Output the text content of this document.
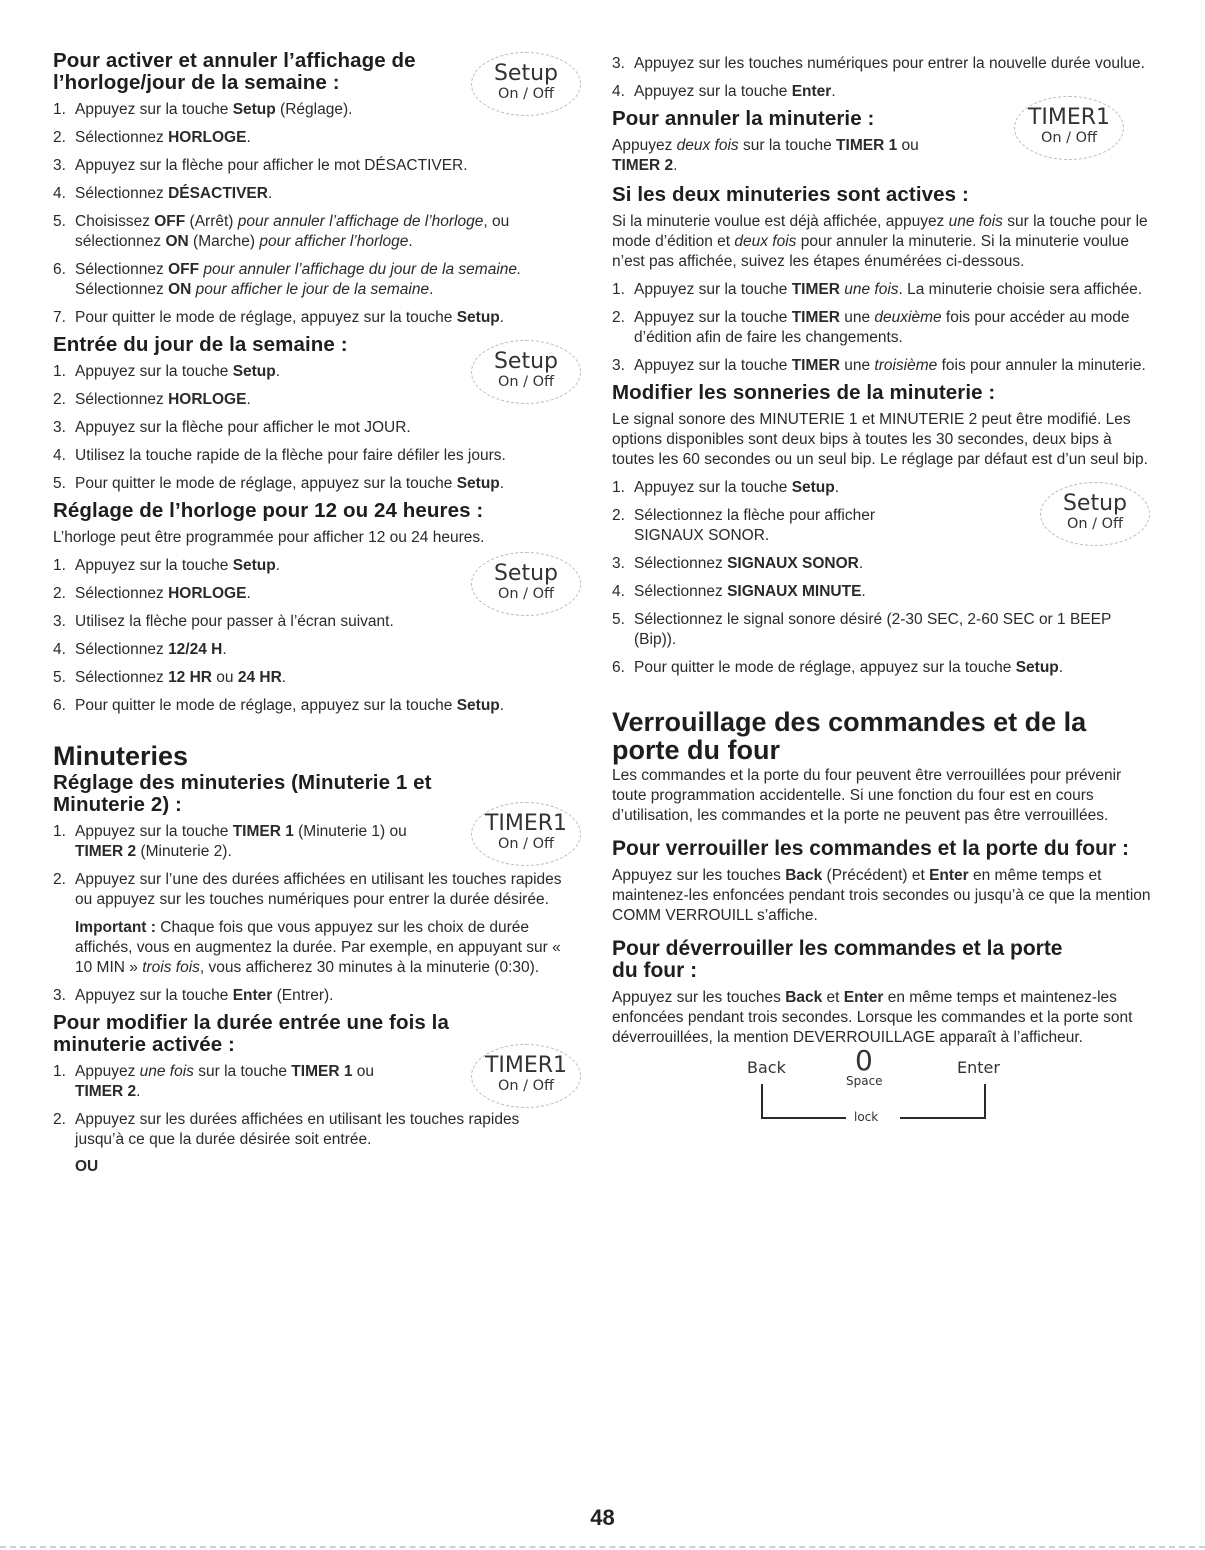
Pour activer et annuler l’affichage de
l’horloge/jour de la semaine :	Setup
On / Off
1. Appuyez sur la touche Setup (Réglage).
2. Sélectionnez HORLOGE.
3. Appuyez sur la flèche pour afficher le mot DÉSACTIVER.
4. Sélectionnez DÉSACTIVER.
5. Choisissez OFF (Arrêt) pour annuler l’affichage de l’horloge, ou sélectionnez ON (Marche) pour afficher l’horloge.
6. Sélectionnez OFF pour annuler l’affichage du jour de la semaine. Sélectionnez ON pour afficher le jour de la semaine.
7. Pour quitter le mode de réglage, appuyez sur la touche Setup.
Entrée du jour de la semaine :
Setup
On / Off
1. Appuyez sur la touche Setup.
2. Sélectionnez HORLOGE.
3. Appuyez sur la flèche pour afficher le mot JOUR.
4. Utilisez la touche rapide de la flèche pour faire défiler les jours.
5. Pour quitter le mode de réglage, appuyez sur la touche Setup.
Réglage de l’horloge pour 12 ou 24 heures :

L’horloge peut être programmée pour afficher 12 ou 24 heures.

Setup
On / Off
1. Appuyez sur la touche Setup.
2. Sélectionnez HORLOGE.
3. Utilisez la flèche pour passer à l’écran suivant.
4. Sélectionnez 12/24 H.
5. Sélectionnez 12 HR ou 24 HR.
6. Pour quitter le mode de réglage, appuyez sur la touche Setup.
Minuteries
Réglage des minuteries (Minuterie 1 et
Minuterie 2) :
TIMER1
On / Off
1. Appuyez sur la touche TIMER 1 (Minuterie 1) ou
TIMER 2 (Minuterie 2).
2. Appuyez sur l’une des durées affichées en utilisant les touches rapides ou appuyez sur les touches numériques pour entrer la durée désirée.

Important : Chaque fois que vous appuyez sur les choix de durée affichés, vous en augmentez la durée. Par exemple, en appuyant sur « 10 MIN » trois fois, vous afficherez 30 minutes à la minuterie (0:30).

3. Appuyez sur la touche Enter (Entrer).
Pour modifier la durée entrée une fois la
minuterie activée :
TIMER1
On / Off
1. Appuyez une fois sur la touche TIMER 1 ou
TIMER 2.
2. Appuyez sur les durées affichées en utilisant les touches rapides jusqu’à ce que la durée désirée soit entrée.
OU
3. Appuyez sur les touches numériques pour entrer la nouvelle durée voulue.
4. Appuyez sur la touche Enter.
Pour annuler la minuterie :	TIMER1
On / Off

Appuyez deux fois sur la touche TIMER 1 ou
TIMER 2.

Si les deux minuteries sont actives :

Si la minuterie voulue est déjà affichée, appuyez une fois sur la touche pour le mode d’édition et deux fois pour annuler la minuterie. Si la minuterie voulue n’est pas affichée, suivez les étapes énumérées ci-dessous.

1. Appuyez sur la touche TIMER une fois. La minuterie choisie sera affichée.
2. Appuyez sur la touche TIMER une deuxième fois pour accéder au mode d’édition afin de faire les changements.
3. Appuyez sur la touche TIMER une troisième fois pour annuler la minuterie.
Modifier les sonneries de la minuterie :

Le signal sonore des MINUTERIE 1 et MINUTERIE 2 peut être modifié. Les options disponibles sont deux bips à toutes les 30 secondes, deux bips à toutes les 60 secondes ou un seul bip. Le réglage par défaut est d’un seul bip.

Setup
On / Off
1. Appuyez sur la touche Setup.
2. Sélectionnez la flèche pour afficher SIGNAUX SONOR.
3. Sélectionnez SIGNAUX SONOR.
4. Sélectionnez SIGNAUX MINUTE.
5. Sélectionnez le signal sonore désiré (2-30 SEC, 2-60 SEC or 1 BEEP (Bip)).
6. Pour quitter le mode de réglage, appuyez sur la touche Setup.
Verrouillage des commandes et de la
porte du four

Les commandes et la porte du four peuvent être verrouillées pour prévenir toute programmation accidentelle. Si une fonction du four est en cours d’utilisation, les commandes et la porte ne peuvent pas être verrouillées.

Pour verrouiller les commandes et la porte du four :

Appuyez sur les touches Back (Précédent) et Enter en même temps et maintenez-les enfoncées pendant trois secondes ou jusqu’à ce que la mention COMM VERROUILL s’affiche.

Pour déverrouiller les commandes et la porte
du four :

Appuyez sur les touches Back et Enter en même temps et maintenez-les enfoncées pendant trois secondes. Lorsque les commandes et la porte sont déverrouillées, la mention DEVERROUILLAGE apparaît à l’afficheur.

Back 0
Space
Enter
lock
48
